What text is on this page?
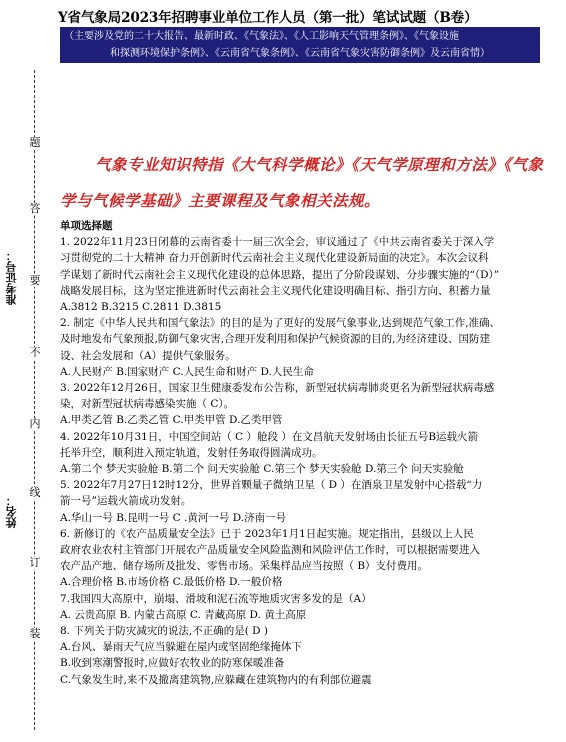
Y省气象局2023年招聘事业单位工作人员（第一批）笔试试题（B卷）
（主要涉及党的二十大报告、最新时政、《气象法》、《人工影响天气管理条例》、《气象设施
和探测环境保护条例》、《云南省气象条例》、《云南省气象灾害防御条例》及云南省情）
题
答
要
不
内
线
订
装
准考证号：
姓名：
气象专业知识特指《大气科学概论》《天气学原理和方法》《气象
学与气候学基础》主要课程及气象相关法规。

单项选择题

1. 2022年11月23日闭幕的云南省委十一届三次全会，审议通过了《中共云南省委关于深入学

习贯彻党的二十大精神 奋力开创新时代云南社会主义现代化建设新局面的决定》。本次会议科

学谋划了新时代云南社会主义现代化建设的总体思路，提出了分阶段谋划、分步骤实施的“（D）”

战略发展目标，这为坚定推进新时代云南社会主义现代化建设明确目标、指引方向、积蓄力量

A.3812 B.3215 C.2811 D.3815

2. 制定《中华人民共和国气象法》的目的是为了更好的发展气象事业,达到规范气象工作,准确、

及时地发布气象预报,防御气象灾害,合理开发利用和保护气候资源的目的,为经济建设、国防建

设、社会发展和（A）提供气象服务。

A.人民财产 B.国家财产 C.人民生命和财产 D.人民生命

3. 2022年12月26日，国家卫生健康委发布公告称，新型冠状病毒肺炎更名为新型冠状病毒感

染，对新型冠状病毒感染实施（ C）。

A.甲类乙管 B.乙类乙管 C.甲类甲管 D.乙类甲管

4. 2022年10月31日，中国空间站（ C ）舱段 ）在文昌航天发射场由长征五号B运载火箭

托举升空，顺利进入预定轨道，发射任务取得圆满成功。

A.第二个 梦天实验舱 B.第二个 问天实验舱 C.第三个 梦天实验舱 D.第三个 问天实验舱

5. 2022年7月27日12时12分，世界首颗量子微纳卫星（ D ）在酒泉卫星发射中心搭载“力

箭一号”运载火箭成功发射。

A.华山一号 B.昆明一号 C .黄河一号 D.济南一号

6. 新修订的《农产品质量安全法》已于 2023年1月1日起实施。规定指出，县级以上人民

政府农业农村主管部门开展农产品质量安全风险监测和风险评估工作时，可以根据需要进入

农产品产地、储存场所及批发、零售市场。采集样品应当按照（ B）支付费用。

A.合理价格 B.市场价格 C.最低价格 D.一般价格

7.我国四大高原中，崩塌、滑坡和泥石流等地质灾害多发的是（A）

A. 云贵高原 B. 内蒙古高原 C. 青藏高原 D. 黄土高原

8. 下列关于防灾减灾的说法,不正确的是( D )

A.台风、暴雨天气应当躲避在屋内或坚固绝缘掩体下

B.收到寒潮警报时,应做好农牧业的防寒保暖准备

C.气象发生时,来不及撤离建筑物,应躲藏在建筑物内的有利部位避震
